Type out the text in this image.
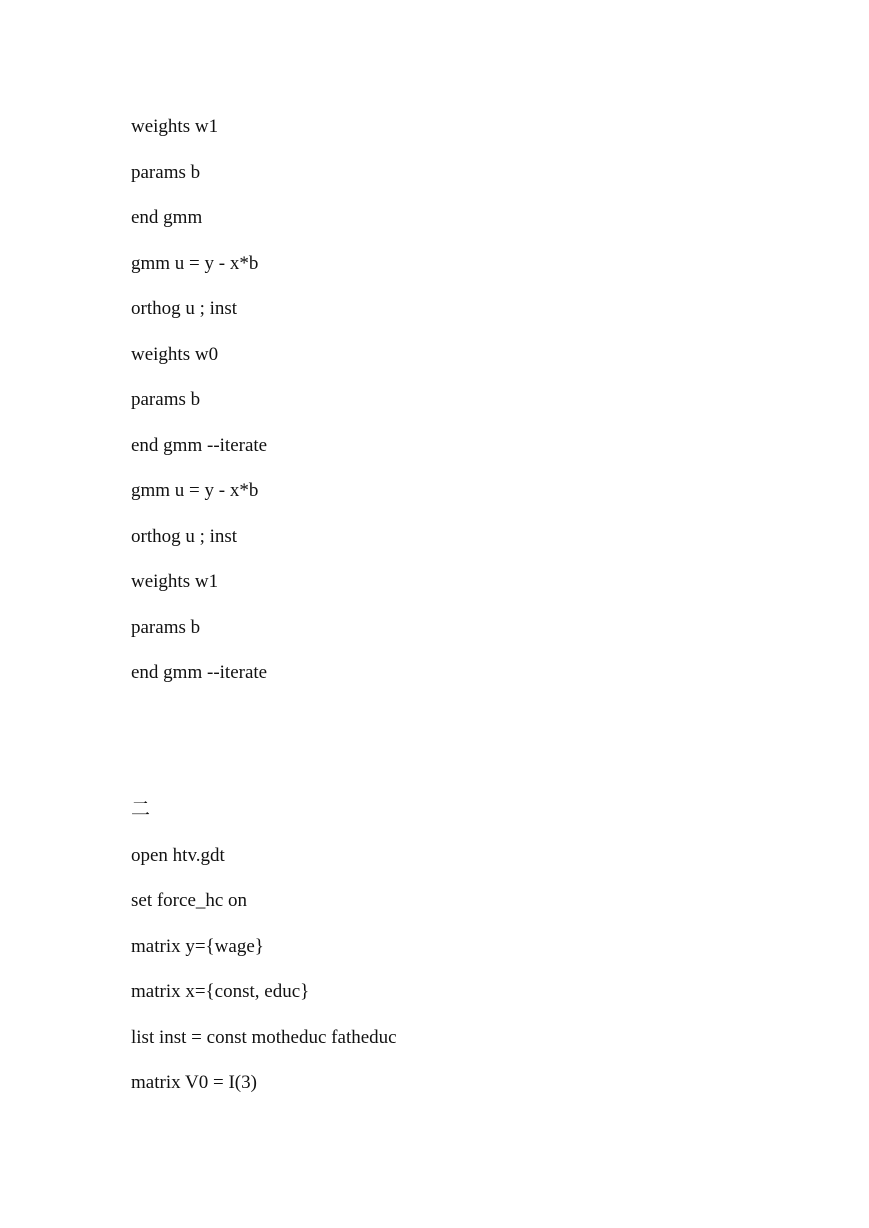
weights w1
params b
end gmm
gmm u = y - x*b
orthog u ; inst
weights w0
params b
end gmm --iterate
gmm u = y - x*b
orthog u ; inst
weights w1
params b
end gmm --iterate
二
open htv.gdt
set force_hc on
matrix y={wage}
matrix x={const, educ}
list inst = const motheduc fatheduc
matrix V0 = I(3)
